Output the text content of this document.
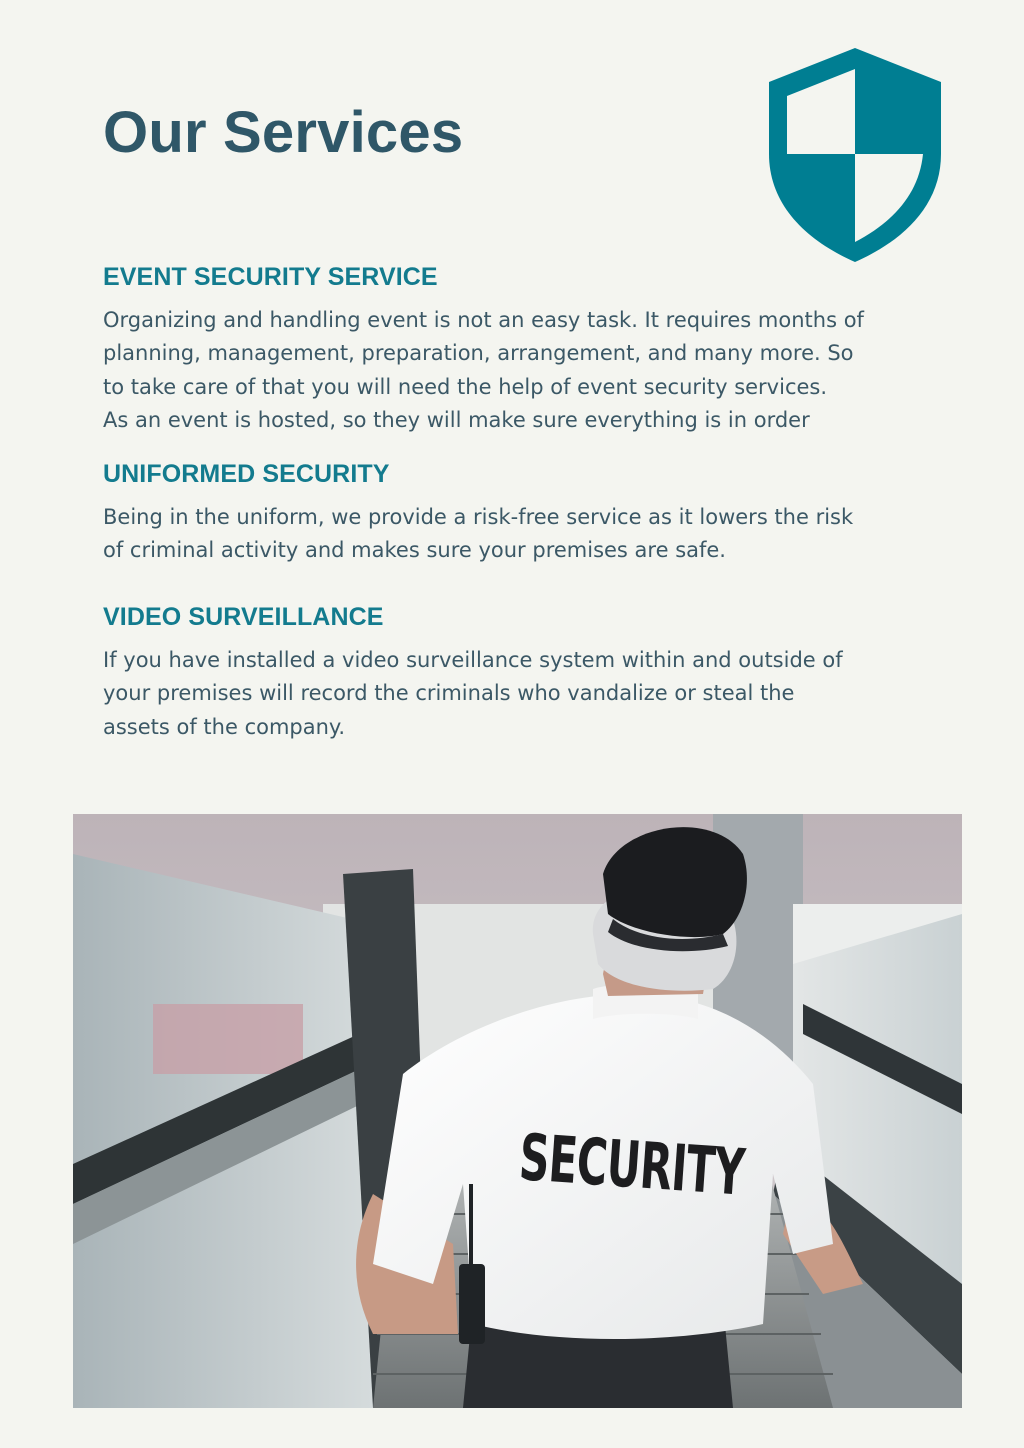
Our Services
EVENT SECURITY SERVICE

Organizing and handling event is not an easy task. It requires months of
planning, management, preparation, arrangement, and many more. So
to take care of that you will need the help of event security services.
As an event is hosted, so they will make sure everything is in order

UNIFORMED SECURITY

Being in the uniform, we provide a risk-free service as it lowers the risk
of criminal activity and makes sure your premises are safe.

VIDEO SURVEILLANCE

If you have installed a video surveillance system within and outside of
your premises will record the criminals who vandalize or steal the
assets of the company.

SECURITY
